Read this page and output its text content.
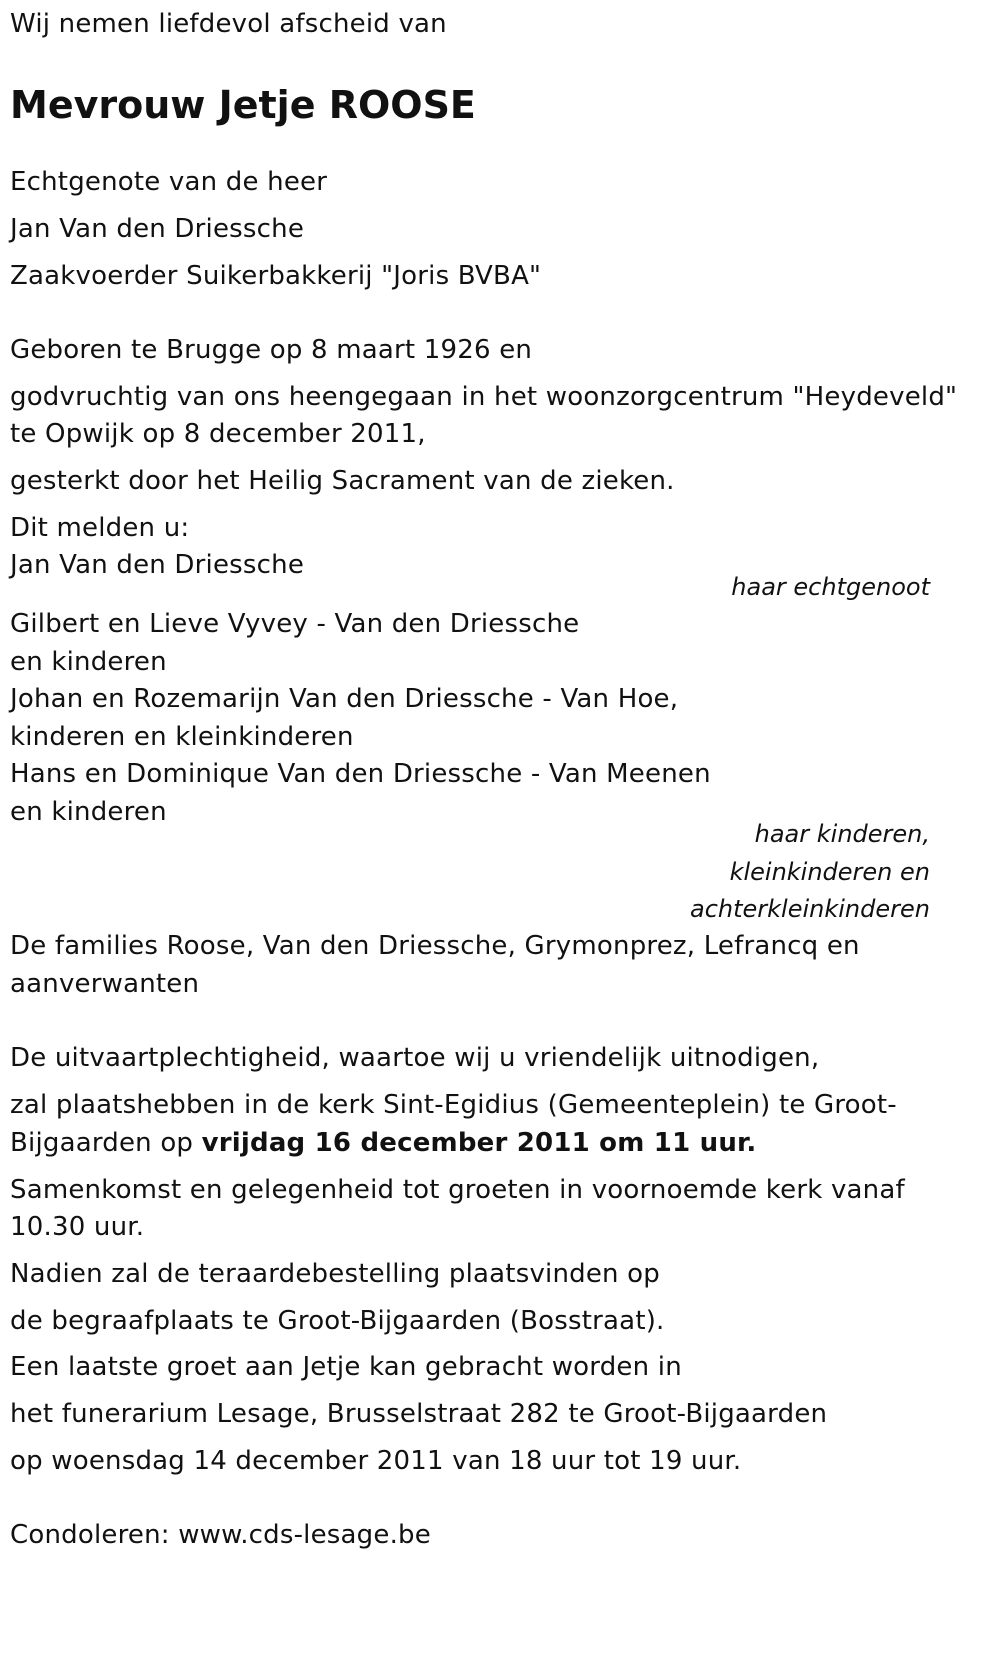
Wij nemen liefdevol afscheid van
Mevrouw Jetje ROOSE
Echtgenote van de heer
Jan Van den Driessche
Zaakvoerder Suikerbakkerij "Joris BVBA"
Geboren te Brugge op 8 maart 1926 en
godvruchtig van ons heengegaan in het woonzorgcentrum "Heydeveld"
te Opwijk op 8 december 2011,
gesterkt door het Heilig Sacrament van de zieken.
Dit melden u:
Jan Van den Driessche
haar echtgenoot
Gilbert en Lieve Vyvey - Van den Driessche
en kinderen
Johan en Rozemarijn Van den Driessche - Van Hoe,
kinderen en kleinkinderen
Hans en Dominique Van den Driessche - Van Meenen
en kinderen
haar kinderen,
kleinkinderen en
achterkleinkinderen
De families Roose, Van den Driessche, Grymonprez, Lefrancq en
aanverwanten
De uitvaartplechtigheid, waartoe wij u vriendelijk uitnodigen,
zal plaatshebben in de kerk Sint-Egidius (Gemeenteplein) te Groot-
Bijgaarden op vrijdag 16 december 2011 om 11 uur.
Samenkomst en gelegenheid tot groeten in voornoemde kerk vanaf
10.30 uur.
Nadien zal de teraardebestelling plaatsvinden op
de begraafplaats te Groot-Bijgaarden (Bosstraat).
Een laatste groet aan Jetje kan gebracht worden in
het funerarium Lesage, Brusselstraat 282 te Groot-Bijgaarden
op woensdag 14 december 2011 van 18 uur tot 19 uur.
Condoleren: www.cds-lesage.be
